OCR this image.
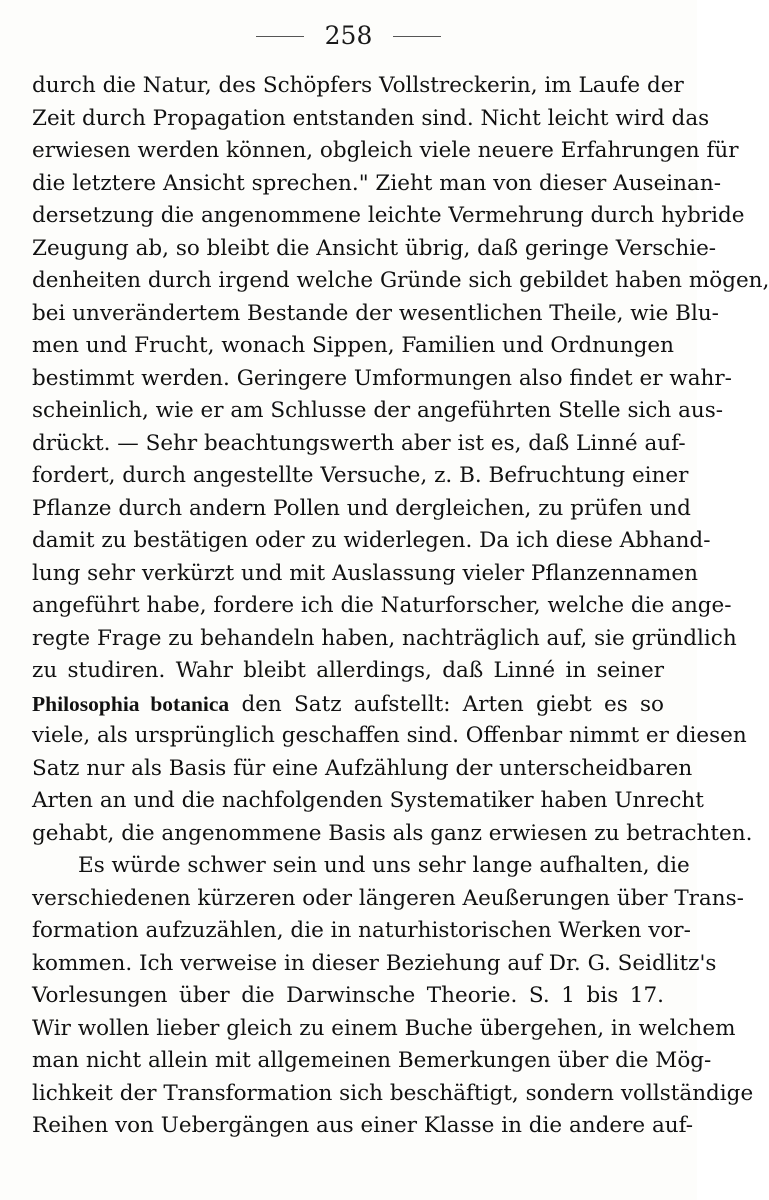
258
durch die Natur, des Schöpfers Vollstreckerin, im Laufe der
Zeit durch Propagation entstanden sind. Nicht leicht wird das
erwiesen werden können, obgleich viele neuere Erfahrungen für
die letztere Ansicht sprechen." Zieht man von dieser Auseinan-
dersetzung die angenommene leichte Vermehrung durch hybride
Zeugung ab, so bleibt die Ansicht übrig, daß geringe Verschie-
denheiten durch irgend welche Gründe sich gebildet haben mögen,
bei unverändertem Bestande der wesentlichen Theile, wie Blu-
men und Frucht, wonach Sippen, Familien und Ordnungen
bestimmt werden. Geringere Umformungen also findet er wahr-
scheinlich, wie er am Schlusse der angeführten Stelle sich aus-
drückt. — Sehr beachtungswerth aber ist es, daß Linné auf-
fordert, durch angestellte Versuche, z. B. Befruchtung einer
Pflanze durch andern Pollen und dergleichen, zu prüfen und
damit zu bestätigen oder zu widerlegen. Da ich diese Abhand-
lung sehr verkürzt und mit Auslassung vieler Pflanzennamen
angeführt habe, fordere ich die Naturforscher, welche die ange-
regte Frage zu behandeln haben, nachträglich auf, sie gründlich
zu studiren. Wahr bleibt allerdings, daß Linné in seiner
Philosophia botanica den Satz aufstellt: Arten giebt es so
viele, als ursprünglich geschaffen sind. Offenbar nimmt er diesen
Satz nur als Basis für eine Aufzählung der unterscheidbaren
Arten an und die nachfolgenden Systematiker haben Unrecht
gehabt, die angenommene Basis als ganz erwiesen zu betrachten.
Es würde schwer sein und uns sehr lange aufhalten, die
verschiedenen kürzeren oder längeren Aeußerungen über Trans-
formation aufzuzählen, die in naturhistorischen Werken vor-
kommen. Ich verweise in dieser Beziehung auf Dr. G. Seidlitz's
Vorlesungen über die Darwinsche Theorie. S. 1 bis 17.
Wir wollen lieber gleich zu einem Buche übergehen, in welchem
man nicht allein mit allgemeinen Bemerkungen über die Mög-
lichkeit der Transformation sich beschäftigt, sondern vollständige
Reihen von Uebergängen aus einer Klasse in die andere auf-
